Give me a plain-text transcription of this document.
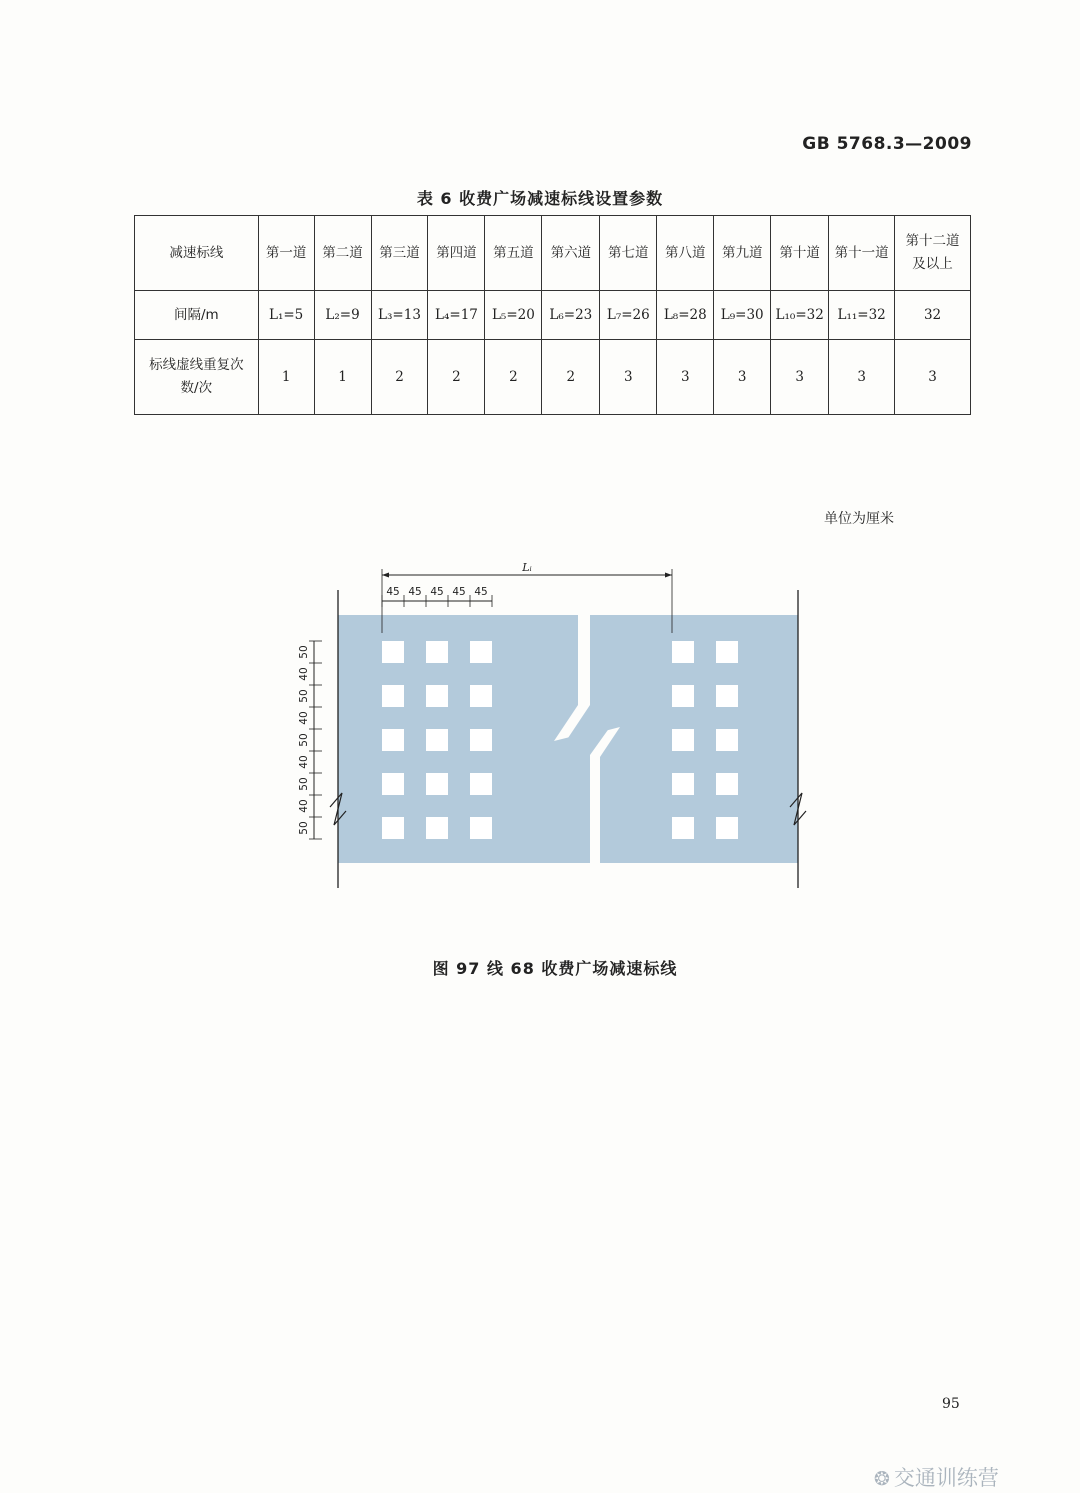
GB 5768.3—2009
表 6 收费广场减速标线设置参数
减速标线	第一道	第二道	第三道	第四道	第五道	第六道	第七道	第八道	第九道	第十道	第十一道	第十二道及以上
间隔/m	L₁=5	L₂=9	L₃=13	L₄=17	L₅=20	L₆=23	L₇=26	L₈=28	L₉=30	L₁₀=32	L₁₁=32	32
标线虚线重复次数/次	1	1	2	2	2	2	3	3	3	3	3	3
单位为厘米
Lᵢ
45 45 45 45 45
50
40
50
40
50
40
50
40
50
图 97 线 68 收费广场减速标线
95
❂ 交通训练营
